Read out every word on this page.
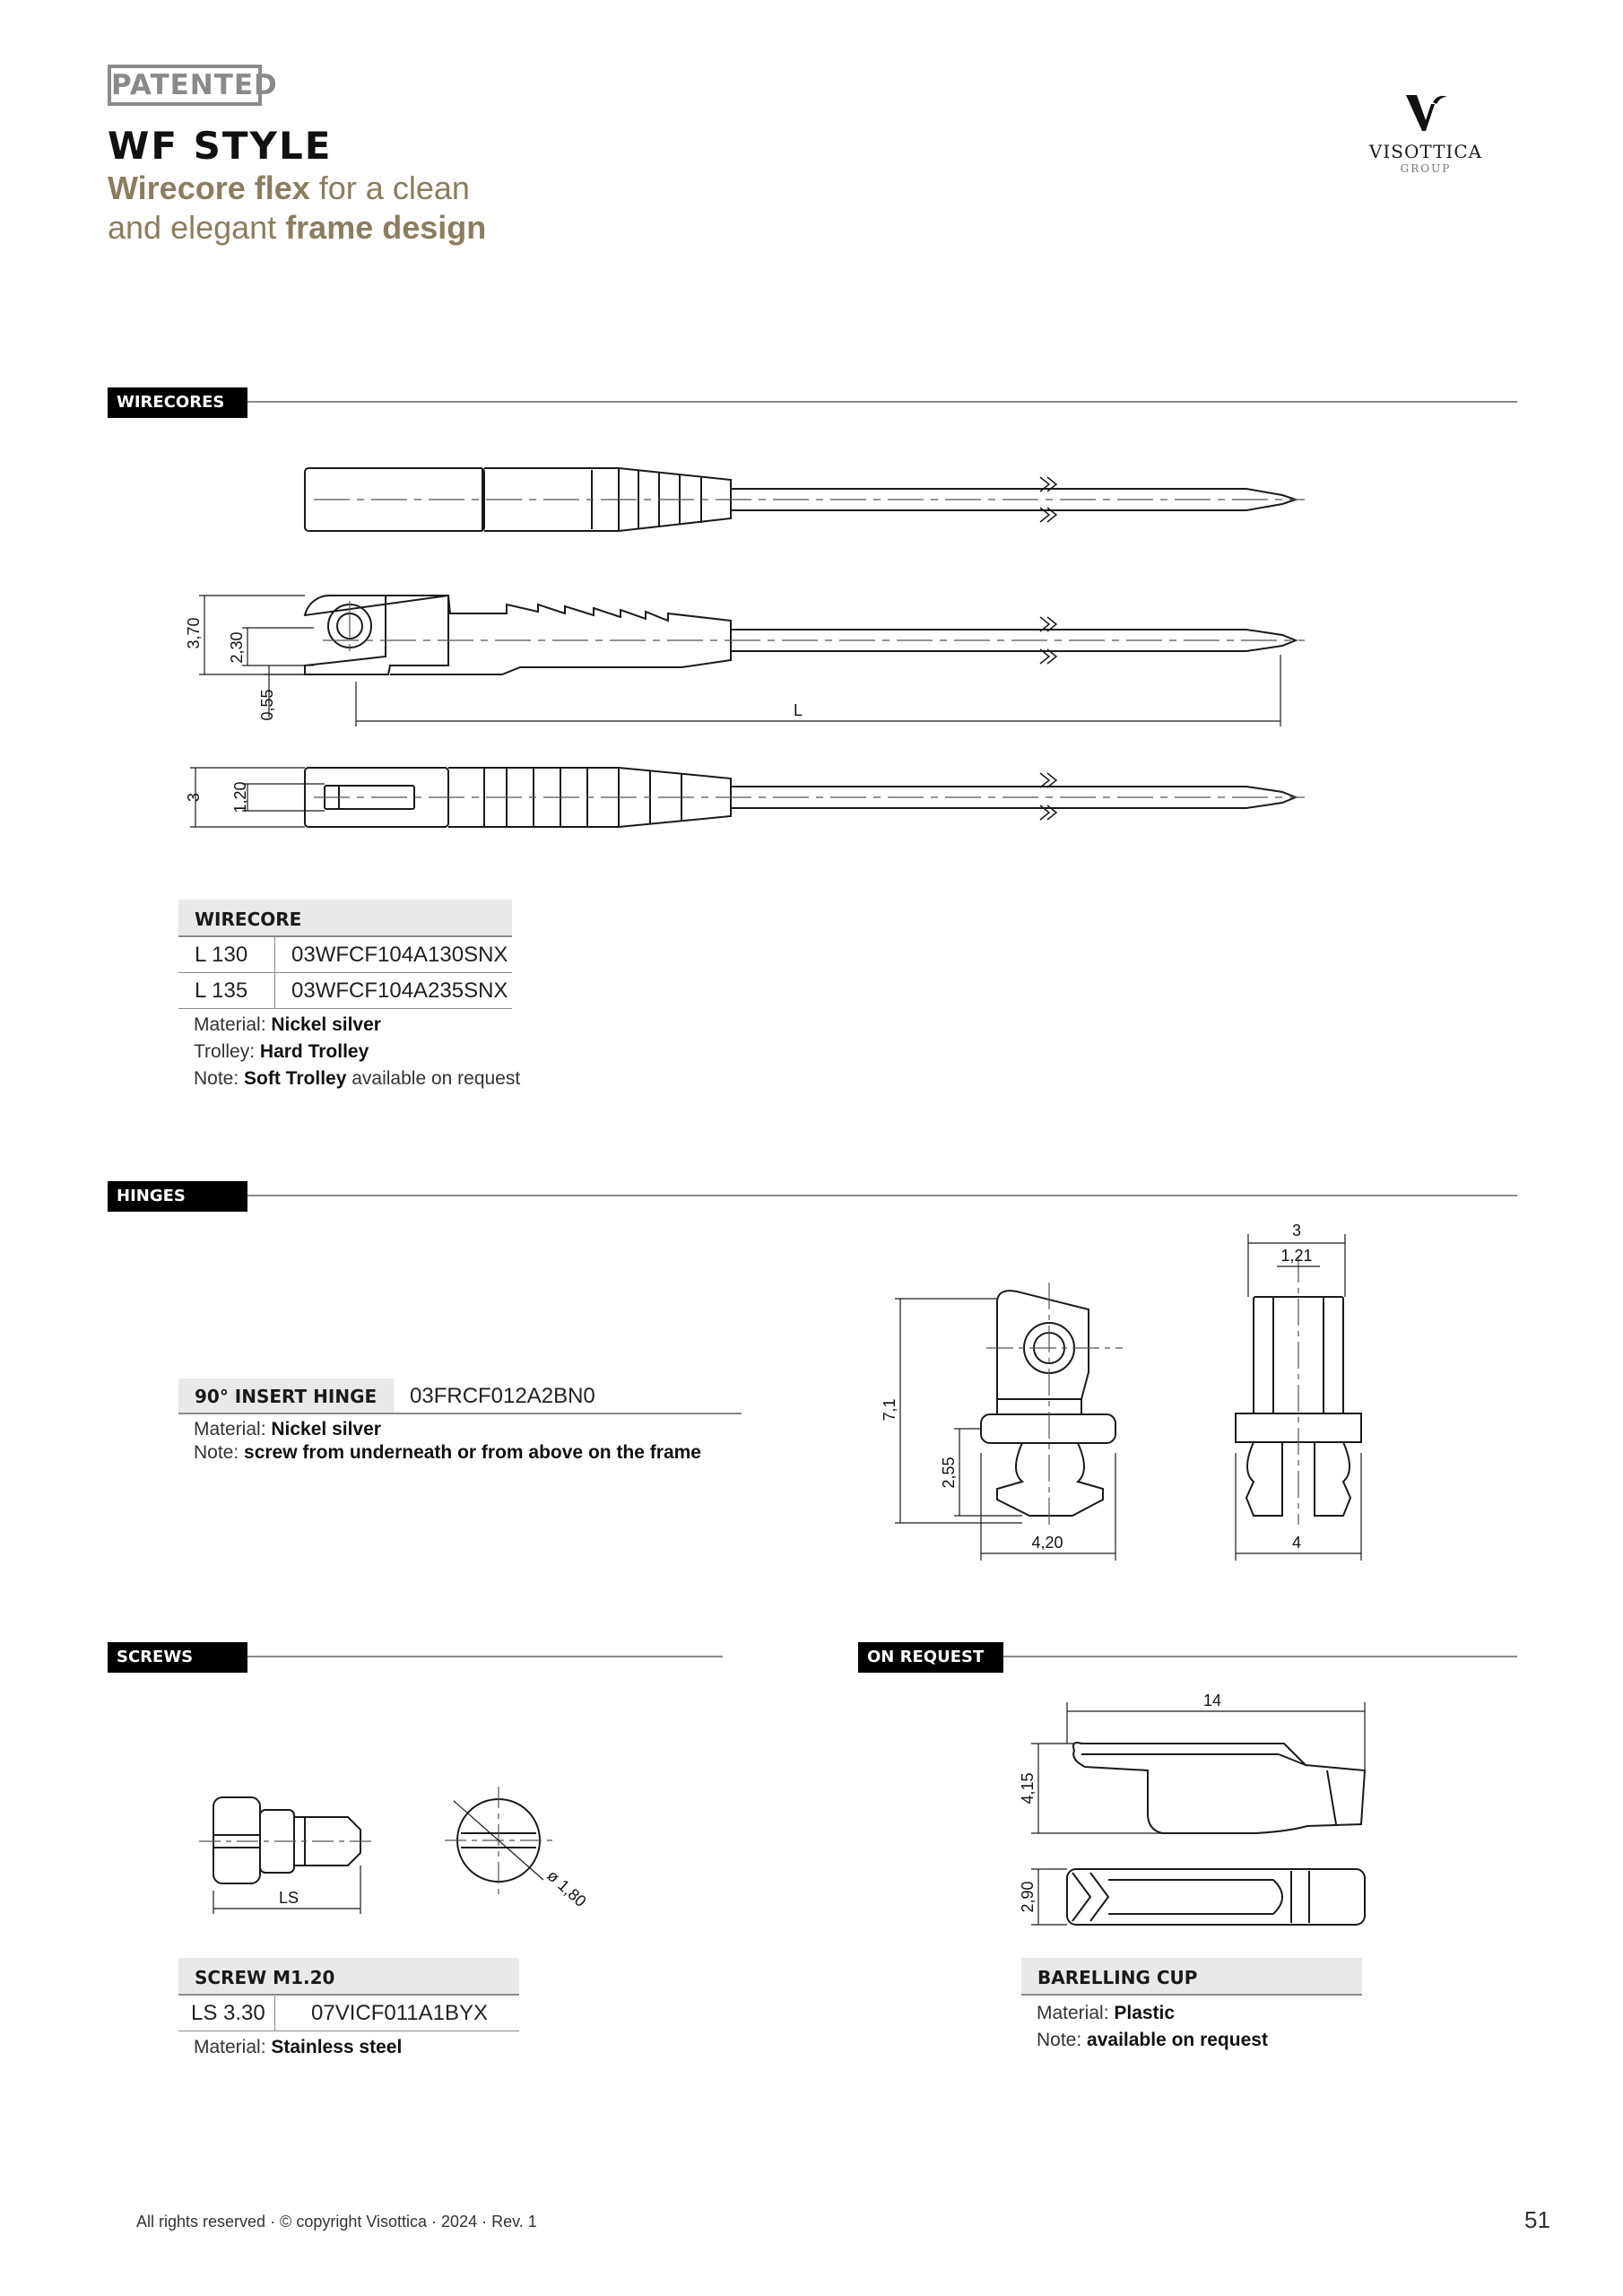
PATENTED
WF STYLE
Wirecore flex for a clean
and elegant frame design
VISOTTICA
GROUP
WIRECORES
3,70 2,30
0,55	L
3 1,20
WIRECORE
L 130	03WFCF104A130SNX
L 135	03WFCF104A235SNX
Material: Nickel silver
Trolley: Hard Trolley
Note: Soft Trolley available on request
HINGES
90° INSERT HINGE	03FRCF012A2BN0
Material: Nickel silver
Note: screw from underneath or from above on the frame
7,1
2,55
4,20
3
1,21
4
SCREWS
LS	ø 1,80
SCREW M1.20
LS 3.30	07VICF011A1BYX
Material: Stainless steel
ON REQUEST
14
4,15
2,90
BARELLING CUP
Material: Plastic
Note: available on request
All rights reserved · © copyright Visottica · 2024 · Rev. 1	51
